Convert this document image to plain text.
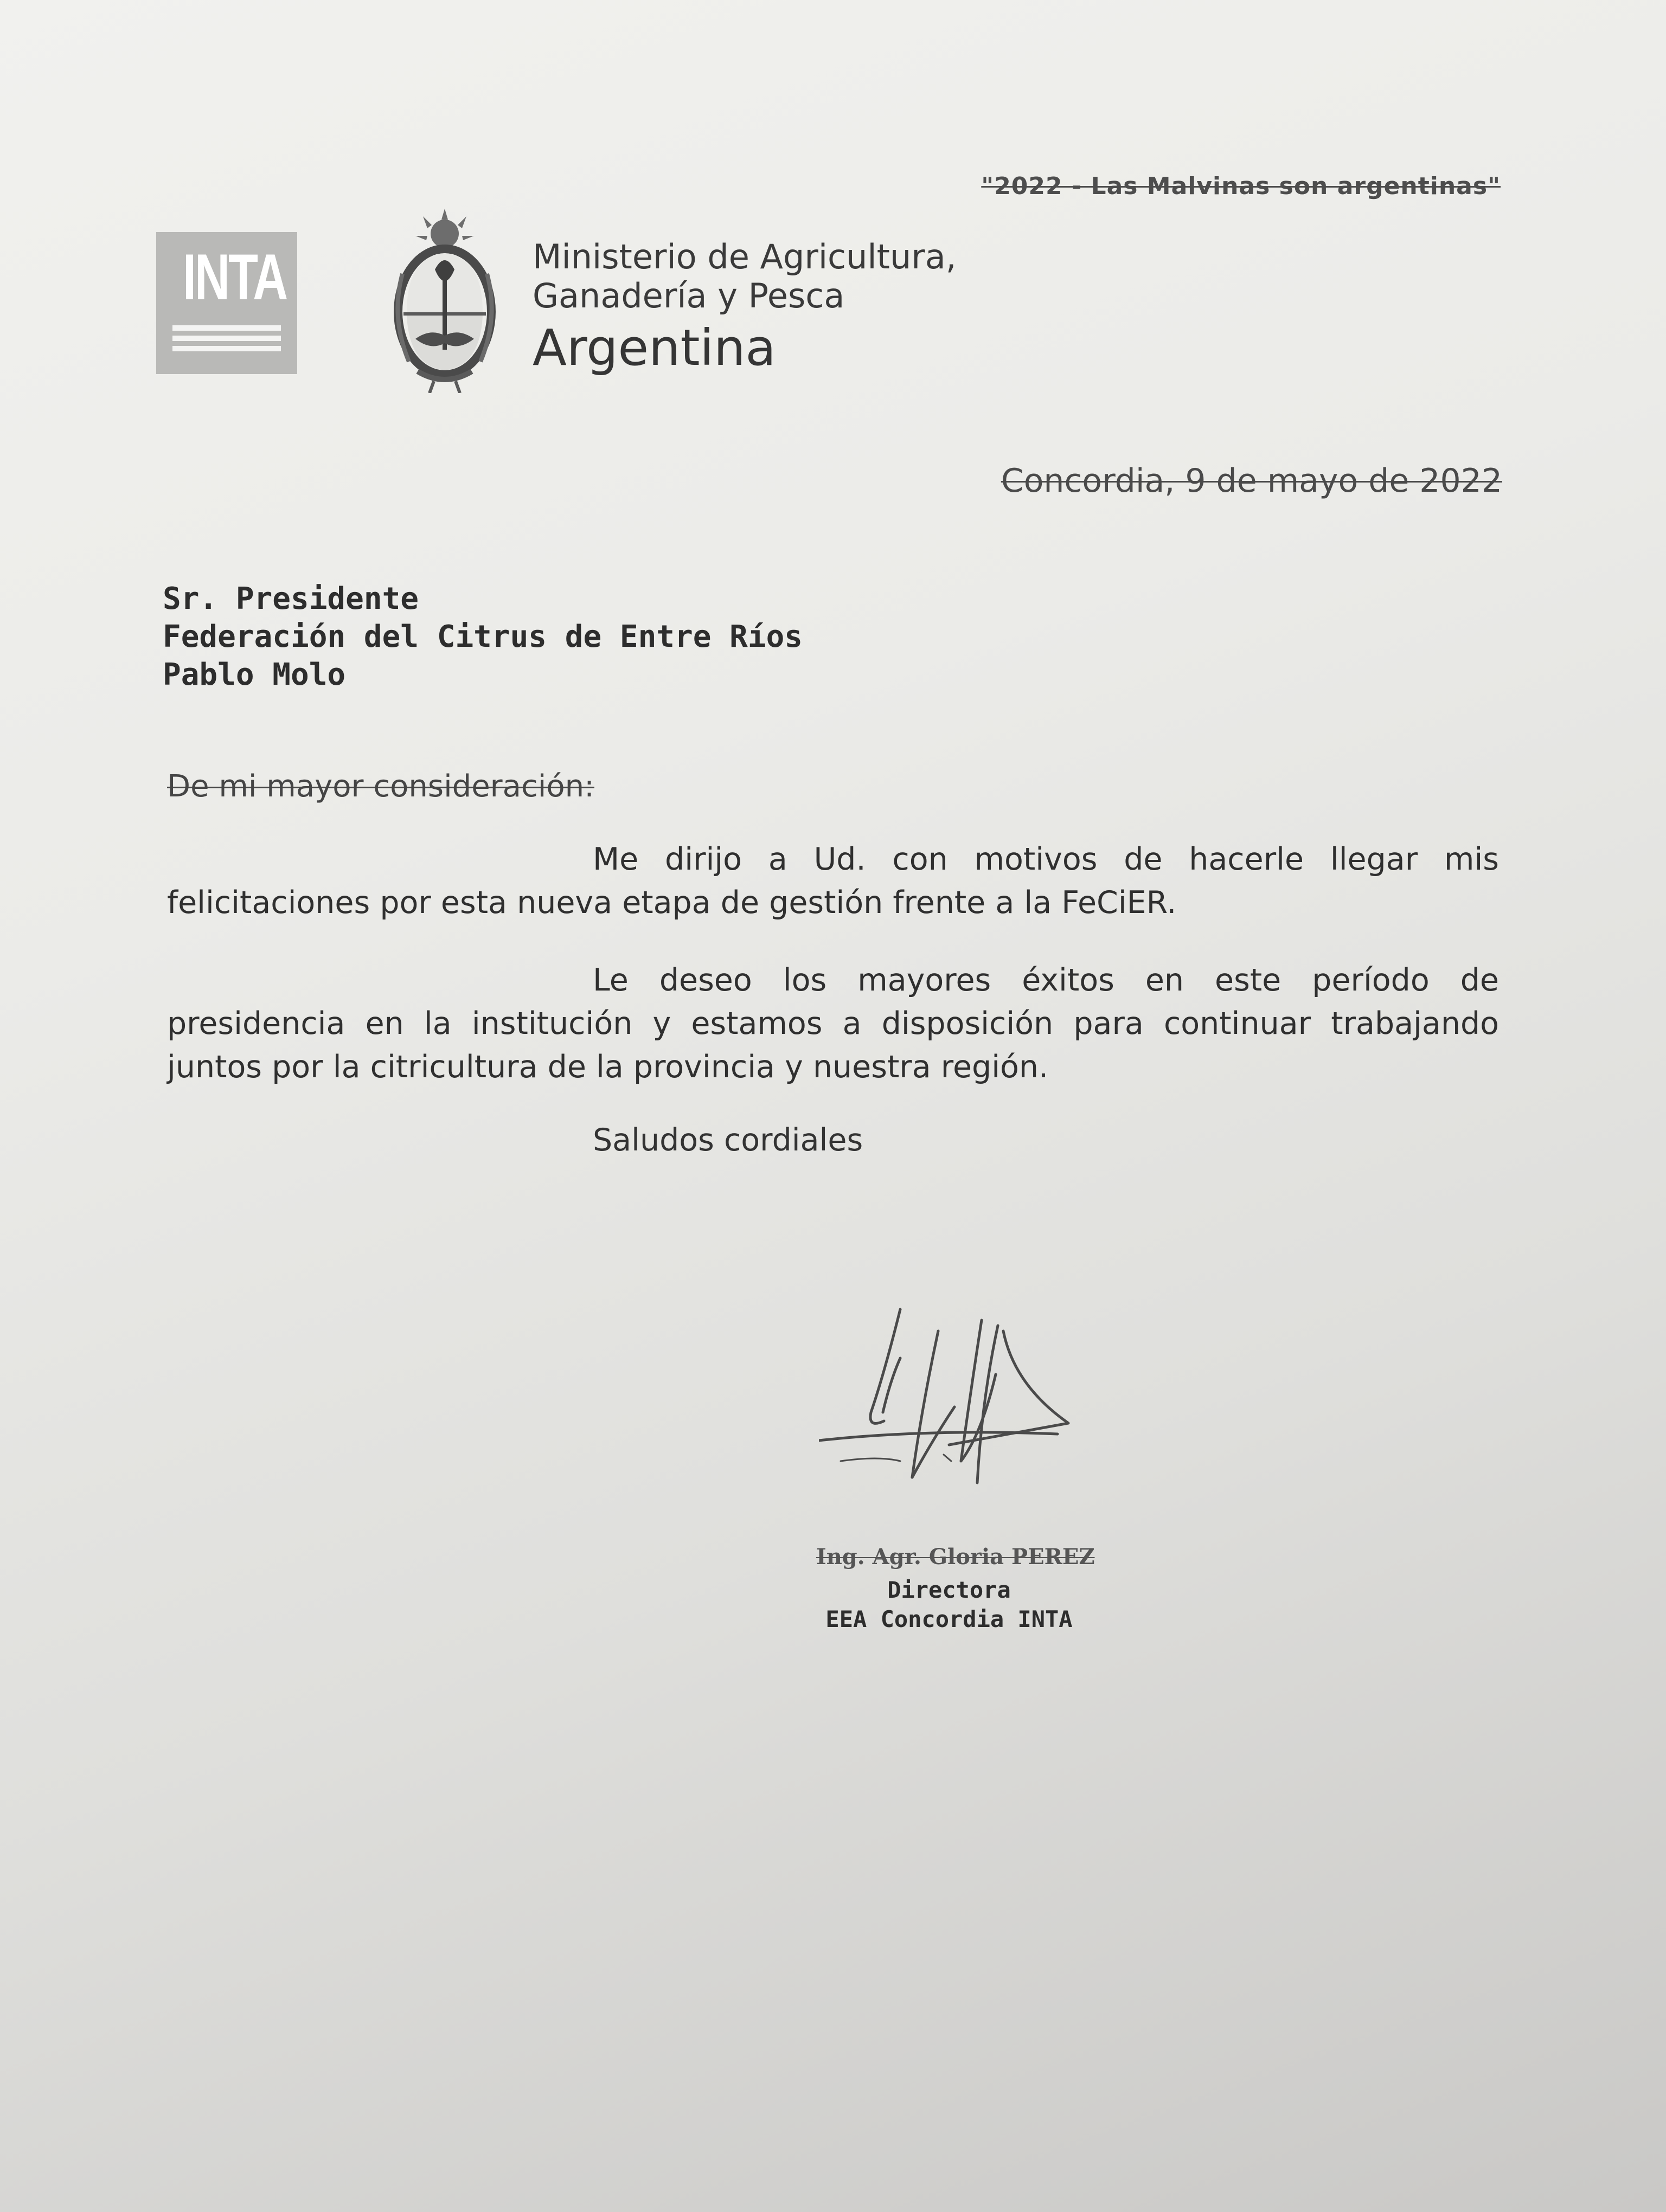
"2022 - Las Malvinas son argentinas"
INTA	Ministerio de Agricultura,
Ganadería y Pesca
Argentina
Concordia, 9 de mayo de 2022
Sr. Presidente
Federación del Citrus de Entre Ríos
Pablo Molo
De mi mayor consideración:

Me dirijo a Ud. con motivos de hacerle llegar mis felicitaciones por esta nueva etapa de gestión frente a la FeCiER.

Le deseo los mayores éxitos en este período de presidencia en la institución y estamos a disposición para continuar trabajando juntos por la citricultura de la provincia y nuestra región.

Saludos cordiales
Ing. Agr. Gloria PEREZ
Directora
EEA Concordia INTA
